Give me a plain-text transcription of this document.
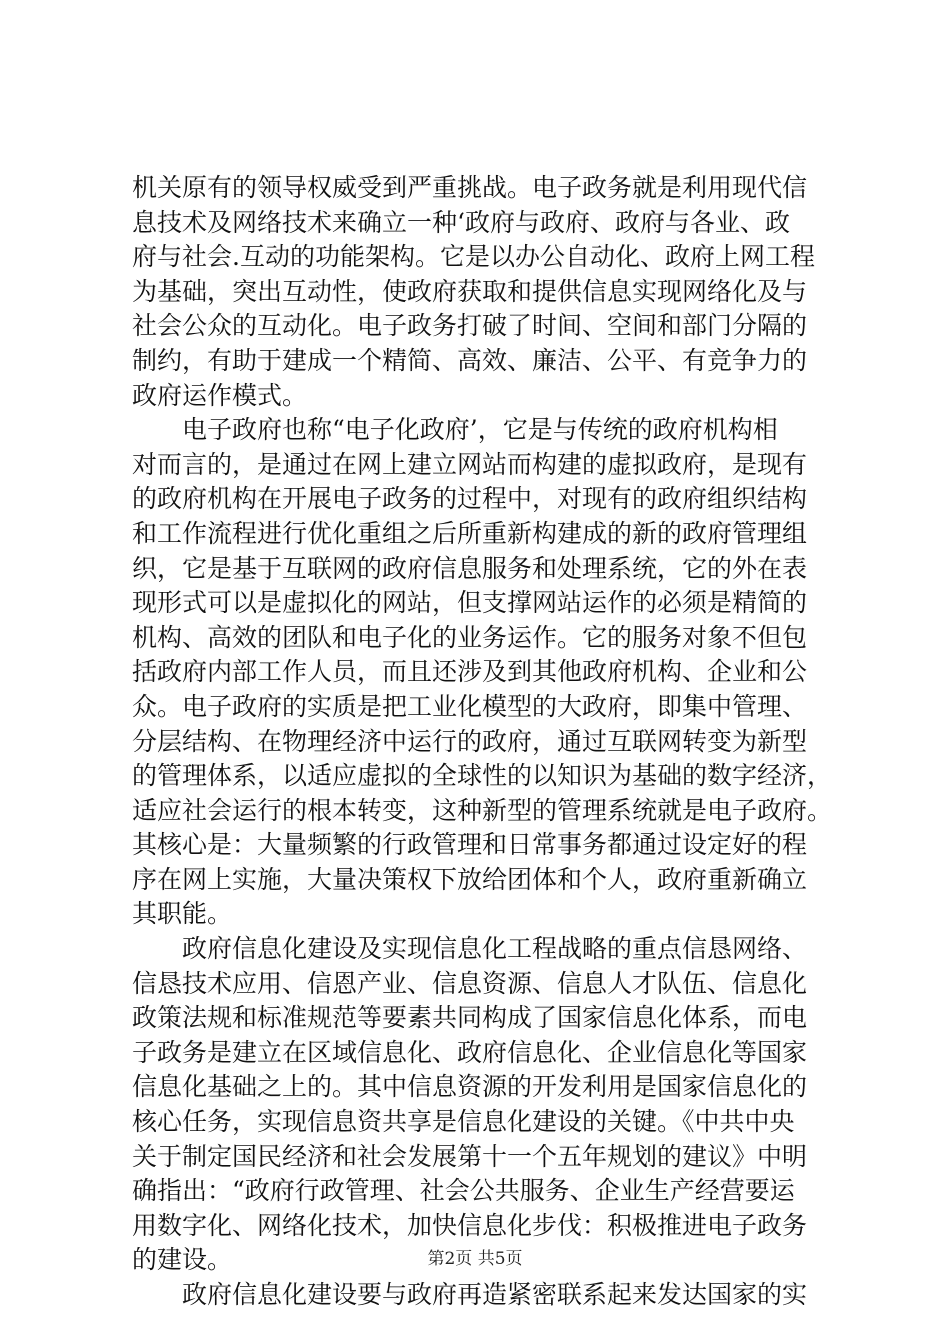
机关原有的领导权威受到严重挑战。电子政务就是利用现代信
息技术及网络技术来确立一种‘政府与政府、政府与各业、政
府与社会.互动的功能架构。它是以办公自动化、政府上网工程
为基础，突出互动性，使政府获取和提供信息实现网络化及与
社会公众的互动化。电子政务打破了时间、空间和部门分隔的
制约，有助于建成一个精简、高效、廉洁、公平、有竞争力的
政府运作模式。
电子政府也称“电子化政府’，它是与传统的政府机构相
对而言的，是通过在网上建立网站而构建的虚拟政府，是现有
的政府机构在开展电子政务的过程中，对现有的政府组织结构
和工作流程进行优化重组之后所重新构建成的新的政府管理组
织，它是基于互联网的政府信息服务和处理系统，它的外在表
现形式可以是虚拟化的网站，但支撑网站运作的必须是精简的
机构、高效的团队和电子化的业务运作。它的服务对象不但包
括政府内部工作人员，而且还涉及到其他政府机构、企业和公
众。电子政府的实质是把工业化模型的大政府，即集中管理、
分层结构、在物理经济中运行的政府，通过互联网转变为新型
的管理体系，以适应虚拟的全球性的以知识为基础的数字经济，
适应社会运行的根本转变，这种新型的管理系统就是电子政府。
其核心是：大量频繁的行政管理和日常事务都通过设定好的程
序在网上实施，大量决策权下放给团体和个人，政府重新确立
其职能。
政府信息化建设及实现信息化工程战略的重点信恳网络、
信恳技术应用、信恩产业、信息资源、信息人才队伍、信息化
政策法规和标准规范等要素共同构成了国家信息化体系，而电
子政务是建立在区域信息化、政府信息化、企业信息化等国家
信息化基础之上的。其中信息资源的开发利用是国家信息化的
核心任务，实现信息资共享是信息化建设的关键。《中共中央
关于制定国民经济和社会发展第十一个五年规划的建议》中明
确指出：“政府行政管理、社会公共服务、企业生产经营要运
用数字化、网络化技术，加快信息化步伐：积极推进电子政务
的建设。
政府信息化建设要与政府再造紧密联系起来发达国家的实
第2页 共5页
